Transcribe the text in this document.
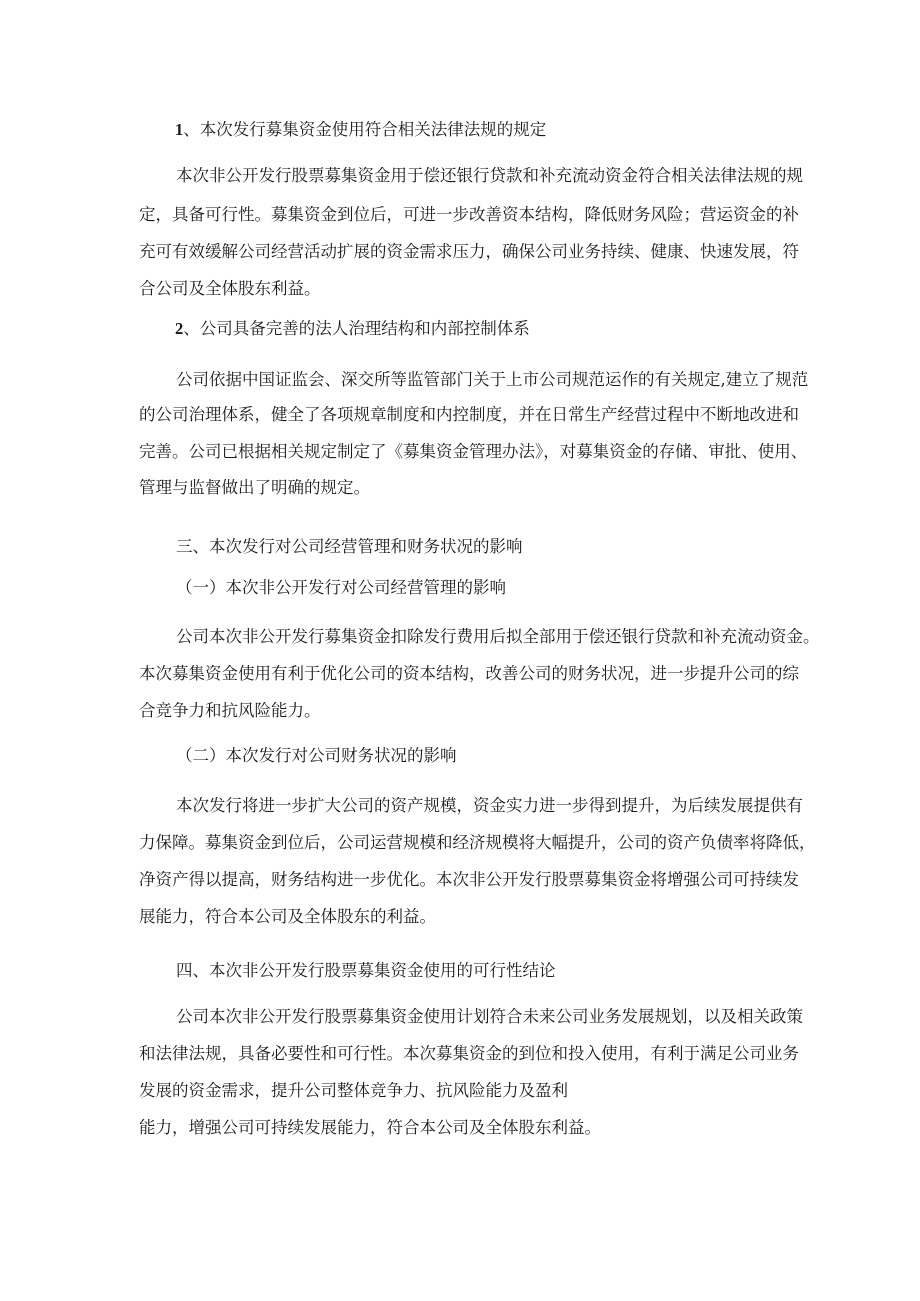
1、本次发行募集资金使用符合相关法律法规的规定
本次非公开发行股票募集资金用于偿还银行贷款和补充流动资金符合相关法律法规的规
定，具备可行性。募集资金到位后，可进一步改善资本结构，降低财务风险；营运资金的补
充可有效缓解公司经营活动扩展的资金需求压力，确保公司业务持续、健康、快速发展，符
合公司及全体股东利益。
2、公司具备完善的法人治理结构和内部控制体系
公司依据中国证监会、深交所等监管部门关于上市公司规范运作的有关规定,建立了规范
的公司治理体系，健全了各项规章制度和内控制度，并在日常生产经营过程中不断地改进和
完善。公司已根据相关规定制定了《募集资金管理办法》，对募集资金的存储、审批、使用、
管理与监督做出了明确的规定。
三、本次发行对公司经营管理和财务状况的影响
（一）本次非公开发行对公司经营管理的影响
公司本次非公开发行募集资金扣除发行费用后拟全部用于偿还银行贷款和补充流动资金。
本次募集资金使用有利于优化公司的资本结构，改善公司的财务状况，进一步提升公司的综
合竞争力和抗风险能力。
（二）本次发行对公司财务状况的影响
本次发行将进一步扩大公司的资产规模，资金实力进一步得到提升，为后续发展提供有
力保障。募集资金到位后，公司运营规模和经济规模将大幅提升，公司的资产负债率将降低，
净资产得以提高，财务结构进一步优化。本次非公开发行股票募集资金将增强公司可持续发
展能力，符合本公司及全体股东的利益。
四、本次非公开发行股票募集资金使用的可行性结论
公司本次非公开发行股票募集资金使用计划符合未来公司业务发展规划，以及相关政策
和法律法规，具备必要性和可行性。本次募集资金的到位和投入使用，有利于满足公司业务
发展的资金需求，提升公司整体竞争力、抗风险能力及盈利
能力，增强公司可持续发展能力，符合本公司及全体股东利益。
